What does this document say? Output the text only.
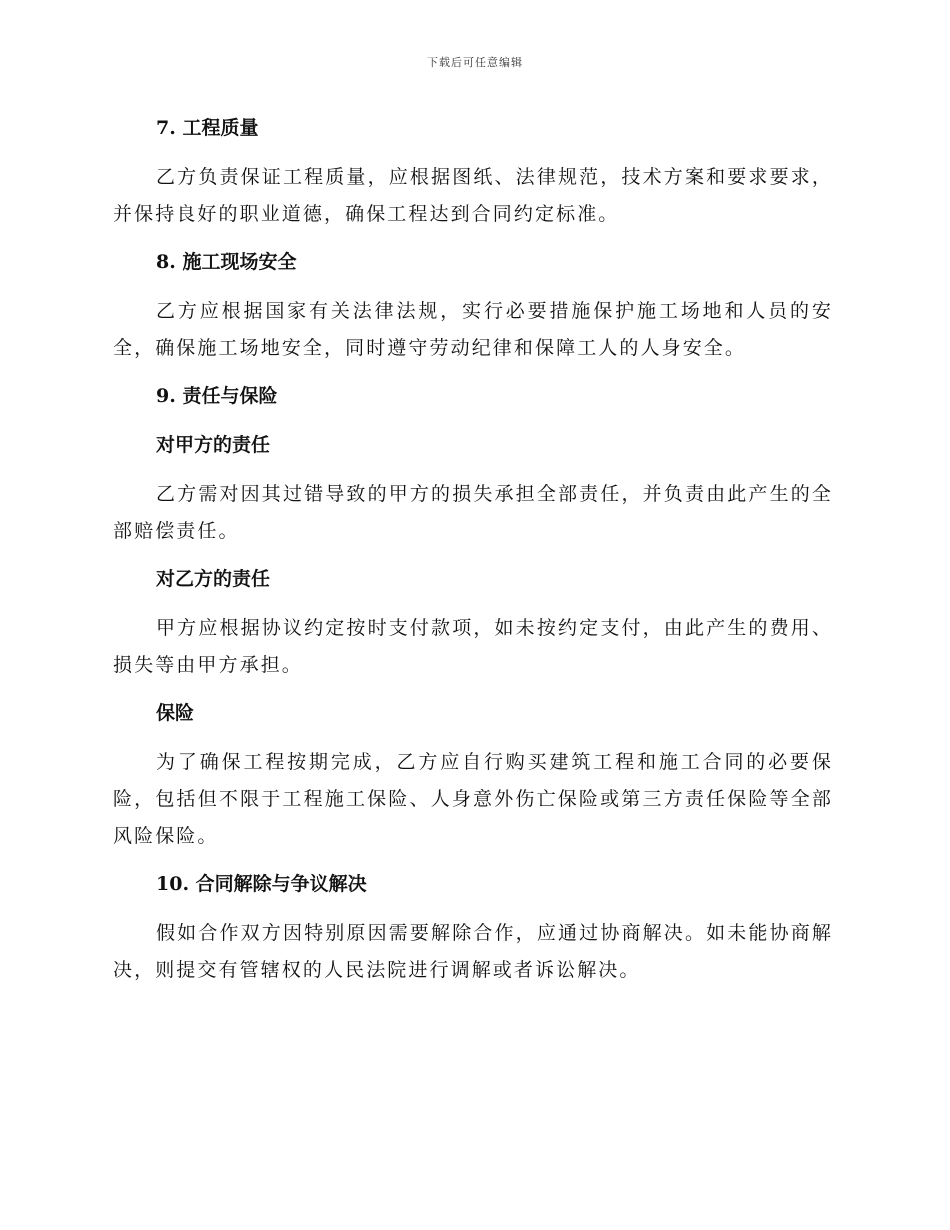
下载后可任意编辑
7. 工程质量

乙方负责保证工程质量，应根据图纸、法律规范，技术方案和要求要求，并保持良好的职业道德，确保工程达到合同约定标准。

8. 施工现场安全

乙方应根据国家有关法律法规，实行必要措施保护施工场地和人员的安全，确保施工场地安全，同时遵守劳动纪律和保障工人的人身安全。

9. 责任与保险
对甲方的责任

乙方需对因其过错导致的甲方的损失承担全部责任，并负责由此产生的全部赔偿责任。

对乙方的责任

甲方应根据协议约定按时支付款项，如未按约定支付，由此产生的费用、损失等由甲方承担。

保险

为了确保工程按期完成，乙方应自行购买建筑工程和施工合同的必要保险，包括但不限于工程施工保险、人身意外伤亡保险或第三方责任保险等全部风险保险。

10. 合同解除与争议解决

假如合作双方因特别原因需要解除合作，应通过协商解决。如未能协商解决，则提交有管辖权的人民法院进行调解或者诉讼解决。
